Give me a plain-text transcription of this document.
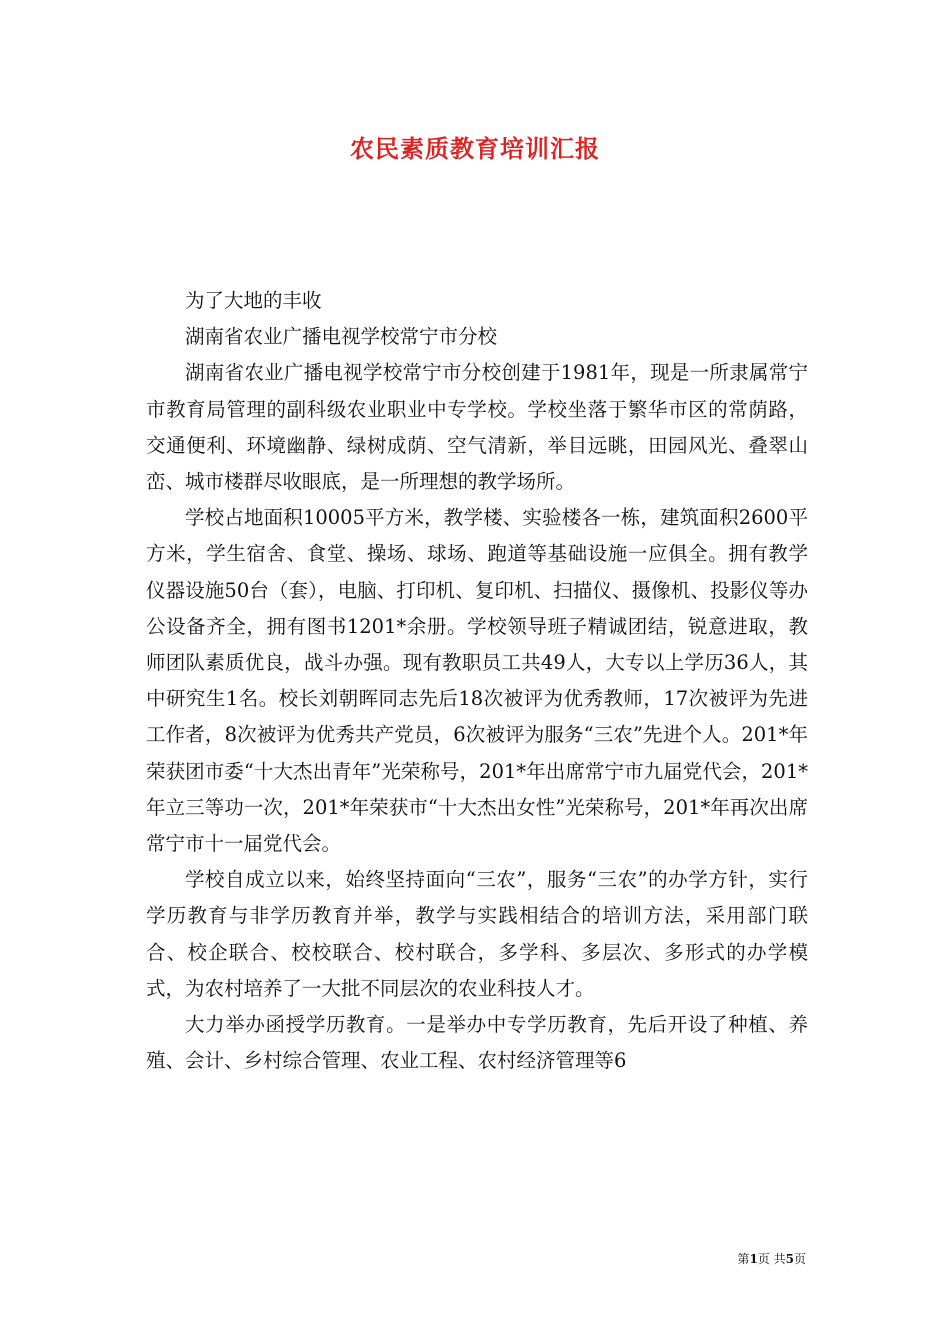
农民素质教育培训汇报

为了大地的丰收

湖南省农业广播电视学校常宁市分校

湖南省农业广播电视学校常宁市分校创建于1981年，现是一所隶属常宁市教育局管理的副科级农业职业中专学校。学校坐落于繁华市区的常荫路，交通便利、环境幽静、绿树成荫、空气清新，举目远眺，田园风光、叠翠山峦、城市楼群尽收眼底，是一所理想的教学场所。

学校占地面积10005平方米，教学楼、实验楼各一栋，建筑面积2600平方米，学生宿舍、食堂、操场、球场、跑道等基础设施一应俱全。拥有教学仪器设施50台（套），电脑、打印机、复印机、扫描仪、摄像机、投影仪等办公设备齐全，拥有图书1201*余册。学校领导班子精诚团结，锐意进取，教师团队素质优良，战斗办强。现有教职员工共49人，大专以上学历36人，其中研究生1名。校长刘朝晖同志先后18次被评为优秀教师，17次被评为先进工作者，8次被评为优秀共产党员，6次被评为服务“三农”先进个人。201*年荣获团市委“十大杰出青年”光荣称号，201*年出席常宁市九届党代会，201*年立三等功一次，201*年荣获市“十大杰出女性”光荣称号，201*年再次出席常宁市十一届党代会。

学校自成立以来，始终坚持面向“三农”，服务“三农”的办学方针，实行学历教育与非学历教育并举，教学与实践相结合的培训方法，采用部门联合、校企联合、校校联合、校村联合，多学科、多层次、多形式的办学模式，为农村培养了一大批不同层次的农业科技人才。

大力举办函授学历教育。一是举办中专学历教育，先后开设了种植、养殖、会计、乡村综合管理、农业工程、农村经济管理等6

第1页 共5页
